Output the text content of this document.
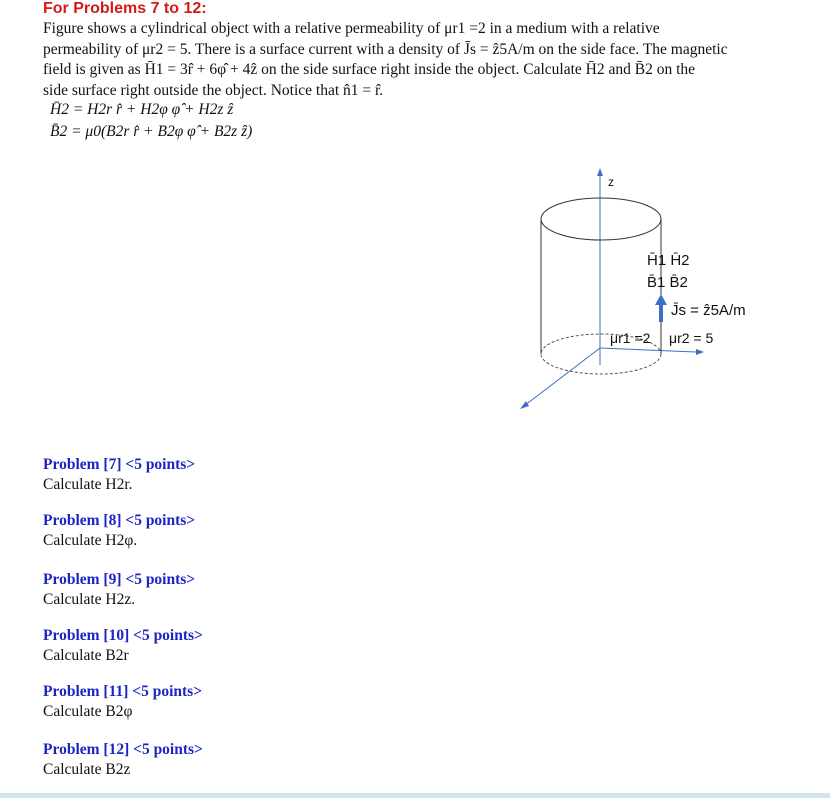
For Problems 7 to 12:
Figure shows a cylindrical object with a relative permeability of μr1 =2 in a medium with a relative
permeability of μr2 = 5. There is a surface current with a density of J̄s = ẑ5A/m on the side face. The magnetic
field is given as H̄1 = 3r̂ + 6φ̂ + 4ẑ on the side surface right inside the object. Calculate H̄2 and B̄2 on the
side surface right outside the object. Notice that n̂1 = r̂.
H̄2 = H2r r̂ + H2φ φ̂ + H2z ẑ
B̄2 = μ0(B2r r̂ + B2φ φ̂ + B2z ẑ)
z
H̄1 H̄2
B̄1 B̄2
J̄s = ẑ5A/m
μr1 =2 μr2 = 5
Problem [7] <5 points>
Calculate H2r.
Problem [8] <5 points>
Calculate H2φ.
Problem [9] <5 points>
Calculate H2z.
Problem [10] <5 points>
Calculate B2r
Problem [11] <5 points>
Calculate B2φ
Problem [12] <5 points>
Calculate B2z
